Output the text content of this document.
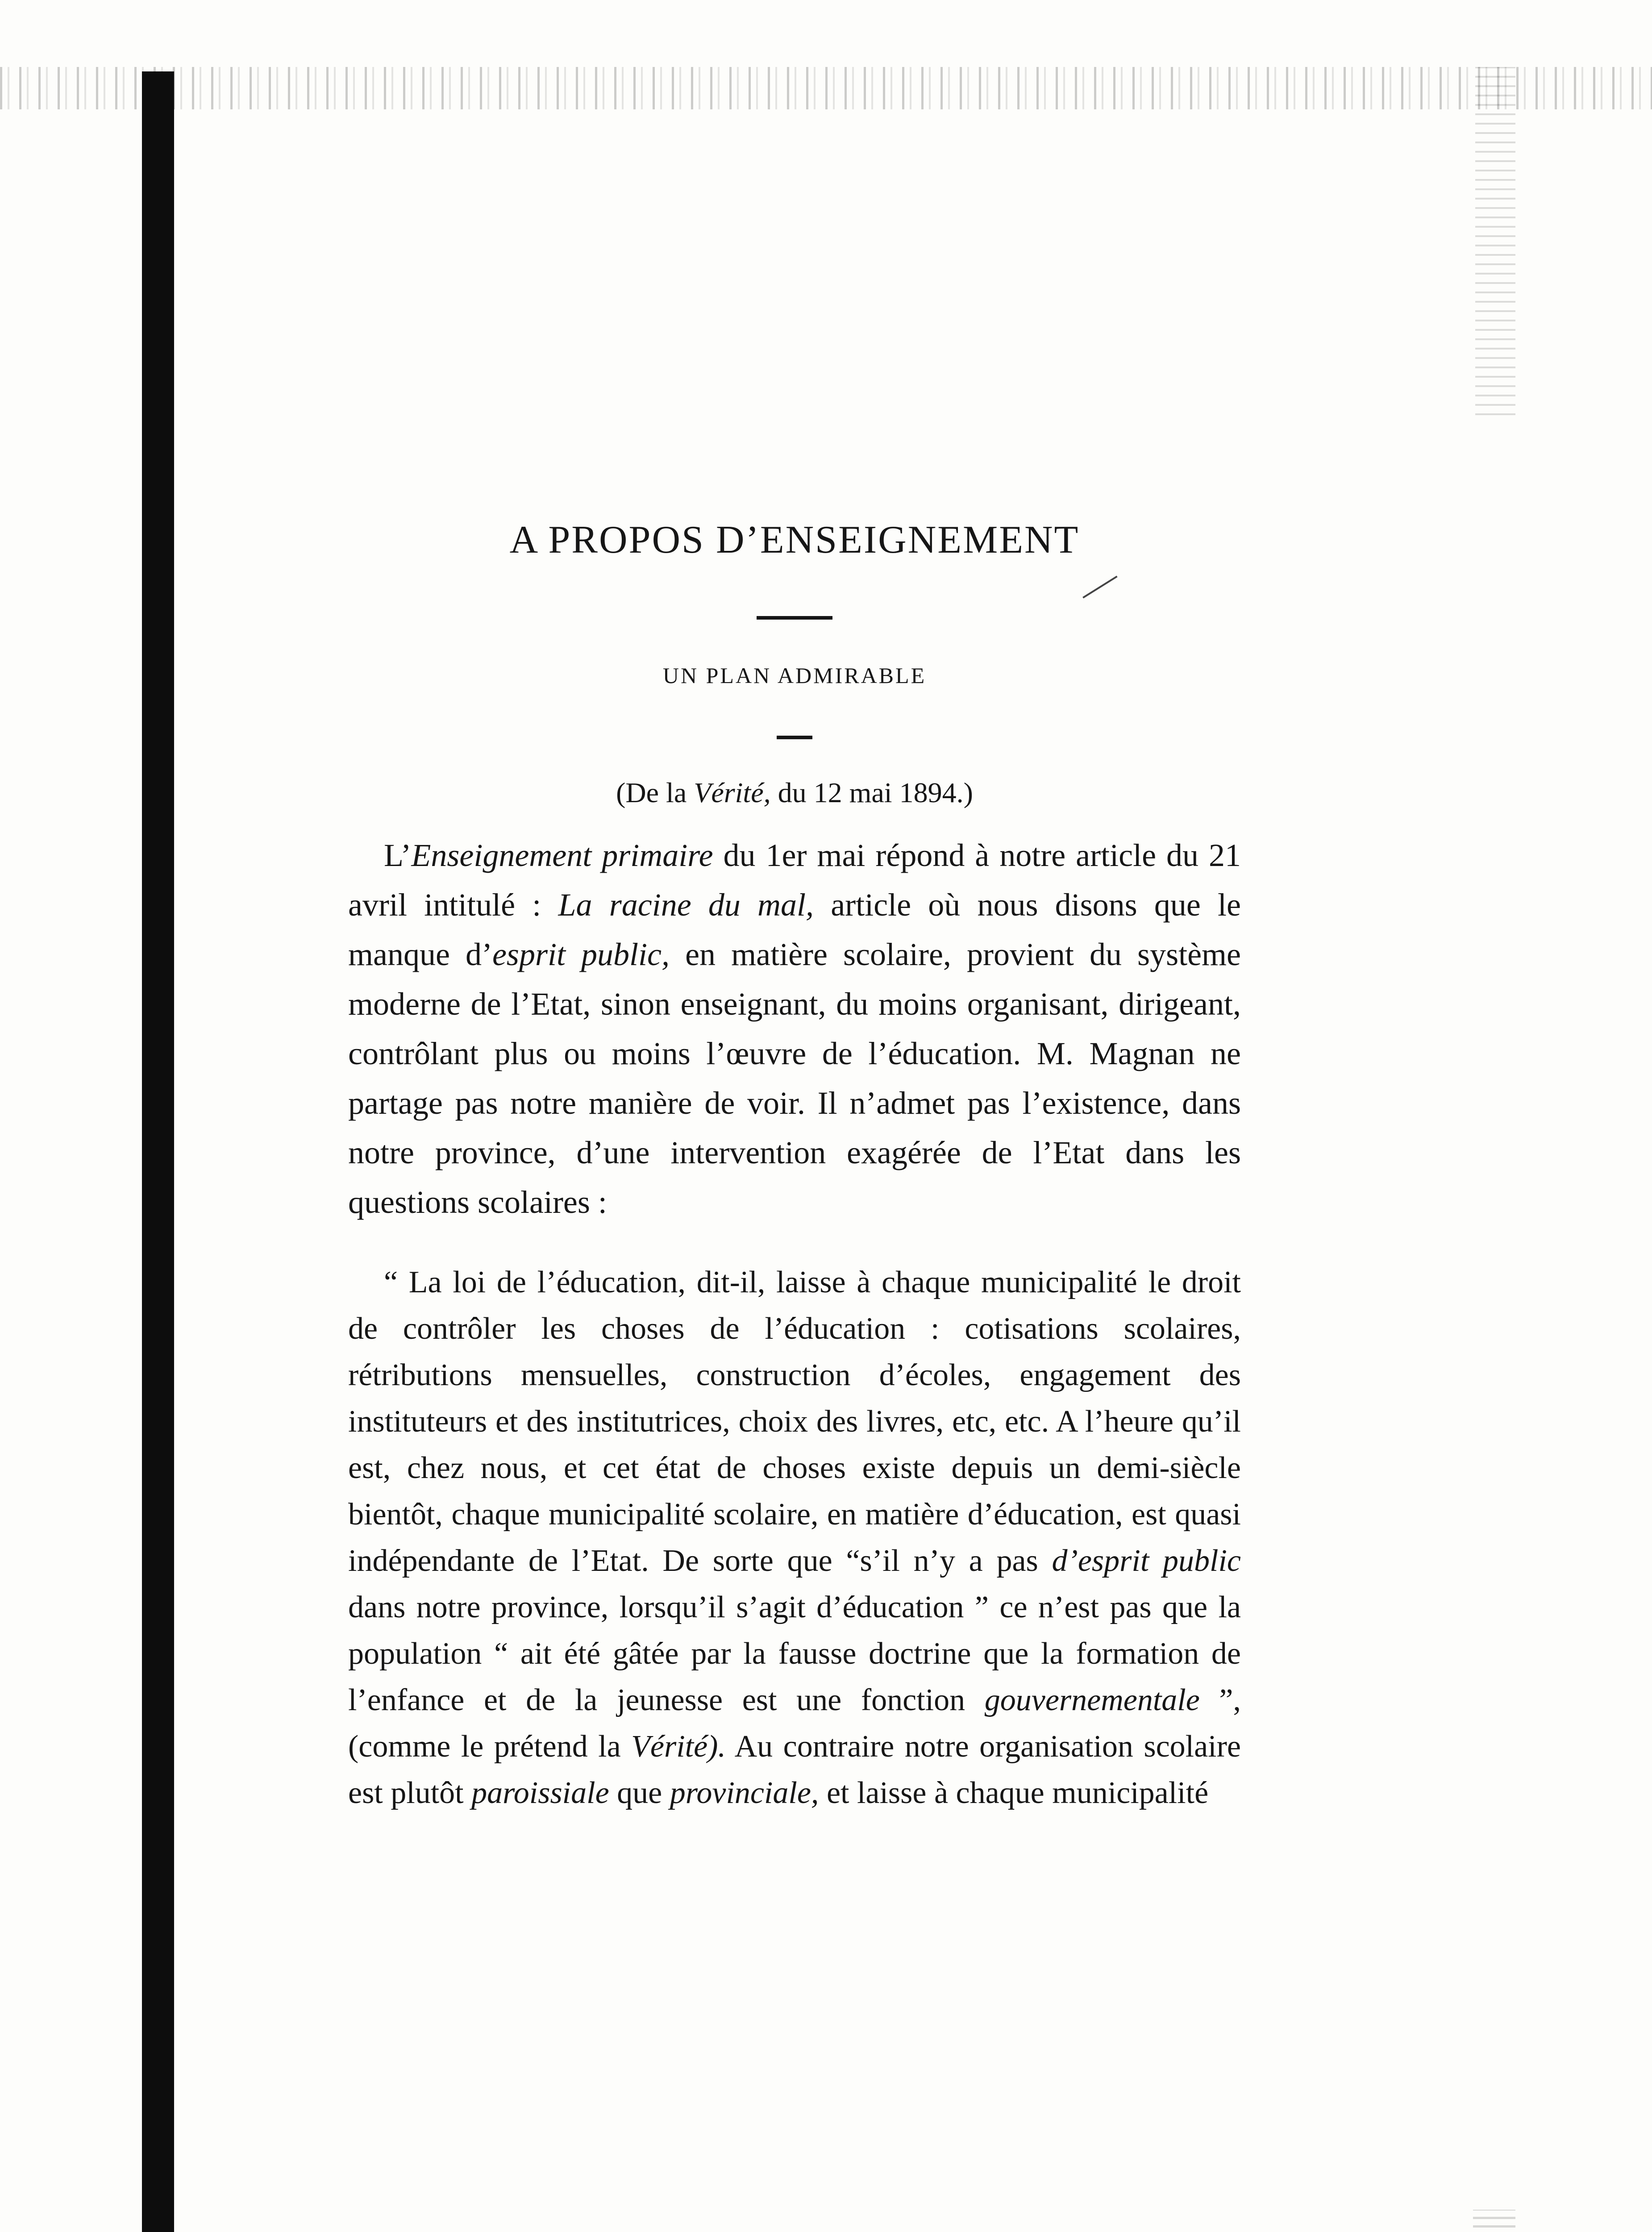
A PROPOS D’ENSEIGNEMENT
UN PLAN ADMIRABLE
(De la Vérité, du 12 mai 1894.)

L’Enseignement primaire du 1er mai répond à notre article du 21 avril intitulé : La racine du mal, article où nous disons que le manque d’esprit public, en matière scolaire, provient du système moderne de l’Etat, sinon enseignant, du moins organisant, dirigeant, contrôlant plus ou moins l’œuvre de l’éducation. M. Magnan ne partage pas notre manière de voir. Il n’admet pas l’existence, dans notre province, d’une intervention exagérée de l’Etat dans les questions scolaires :

“ La loi de l’éducation, dit-il, laisse à chaque municipalité le droit de contrôler les choses de l’éducation : cotisations scolaires, rétributions mensuelles, construction d’écoles, engagement des instituteurs et des institutrices, choix des livres, etc, etc. A l’heure qu’il est, chez nous, et cet état de choses existe depuis un demi-siècle bientôt, chaque municipalité scolaire, en matière d’éducation, est quasi indépendante de l’Etat. De sorte que “s’il n’y a pas d’esprit public dans notre province, lorsqu’il s’agit d’éducation ” ce n’est pas que la population “ ait été gâtée par la fausse doctrine que la formation de l’enfance et de la jeunesse est une fonction gouvernementale ”, (comme le prétend la Vérité). Au contraire notre organisation scolaire est plutôt paroissiale que provinciale, et laisse à chaque municipalité
